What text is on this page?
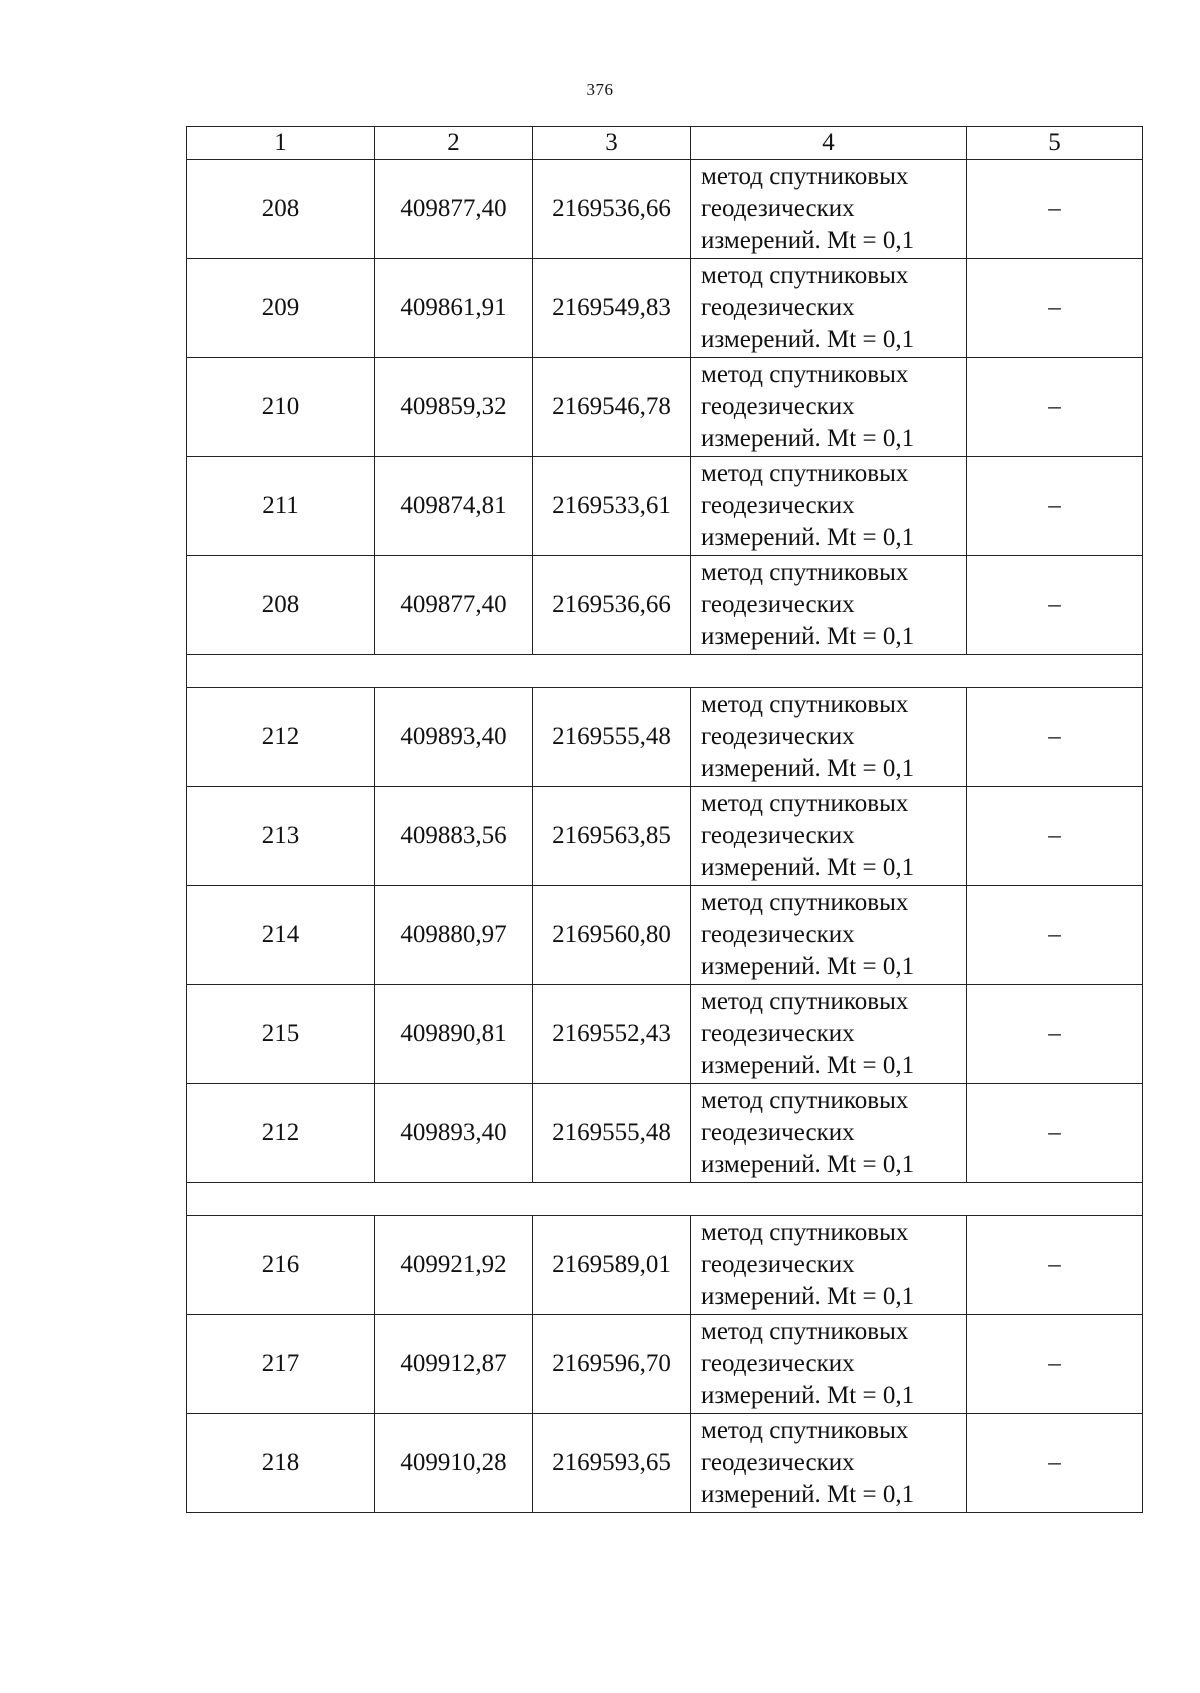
376
1	2	3	4	5
208	409877,40	2169536,66	метод спутниковых
геодезических
измерений. Mt = 0,1	–
209	409861,91	2169549,83	метод спутниковых
геодезических
измерений. Mt = 0,1	–
210	409859,32	2169546,78	метод спутниковых
геодезических
измерений. Mt = 0,1	–
211	409874,81	2169533,61	метод спутниковых
геодезических
измерений. Mt = 0,1	–
208	409877,40	2169536,66	метод спутниковых
геодезических
измерений. Mt = 0,1	–

212	409893,40	2169555,48	метод спутниковых
геодезических
измерений. Mt = 0,1	–
213	409883,56	2169563,85	метод спутниковых
геодезических
измерений. Mt = 0,1	–
214	409880,97	2169560,80	метод спутниковых
геодезических
измерений. Mt = 0,1	–
215	409890,81	2169552,43	метод спутниковых
геодезических
измерений. Mt = 0,1	–
212	409893,40	2169555,48	метод спутниковых
геодезических
измерений. Mt = 0,1	–

216	409921,92	2169589,01	метод спутниковых
геодезических
измерений. Mt = 0,1	–
217	409912,87	2169596,70	метод спутниковых
геодезических
измерений. Mt = 0,1	–
218	409910,28	2169593,65	метод спутниковых
геодезических
измерений. Mt = 0,1	–
